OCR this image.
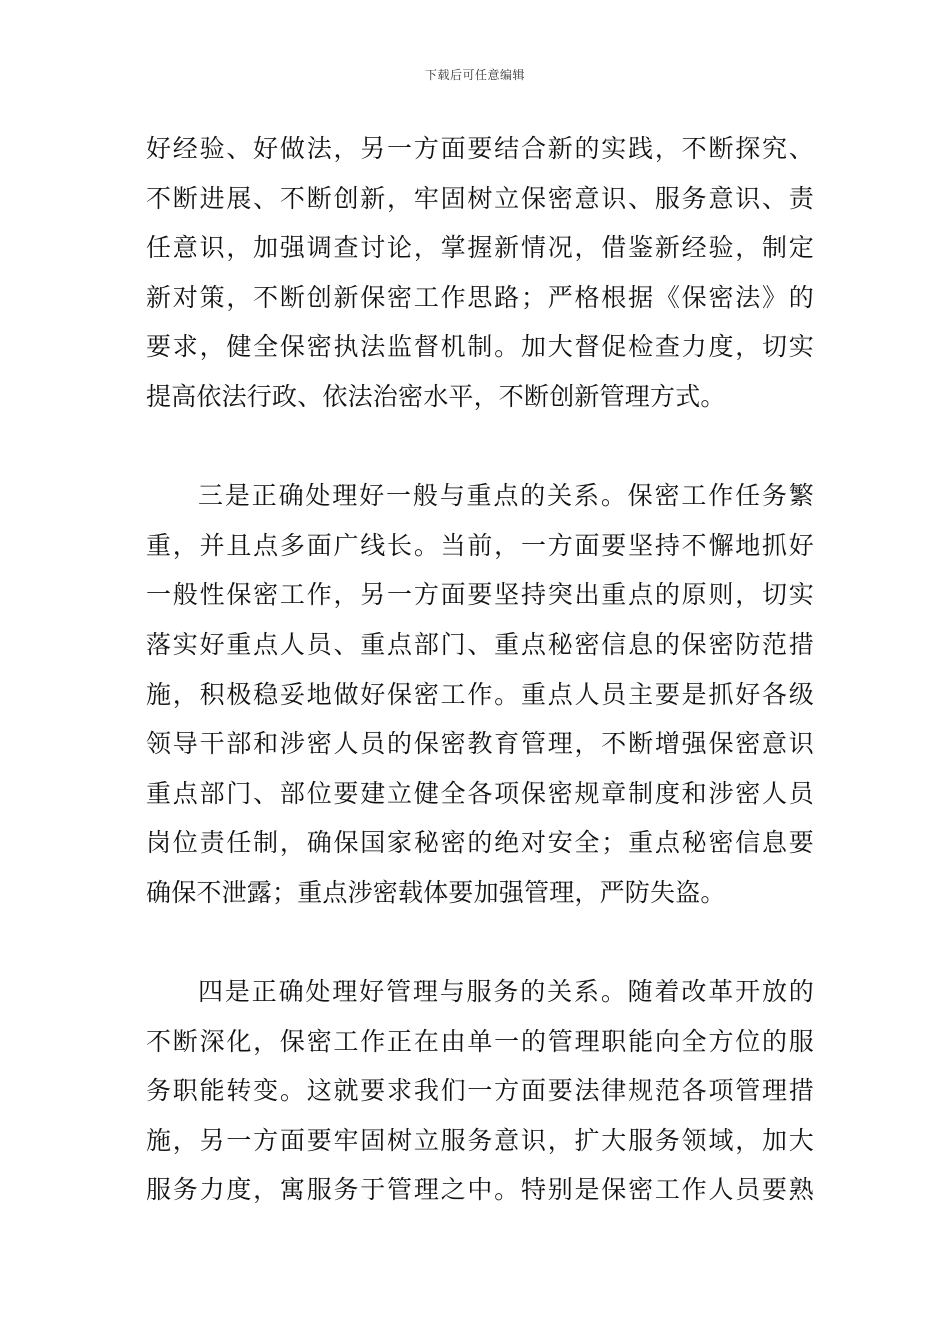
下载后可任意编辑
好经验、好做法，另一方面要结合新的实践，不断探究、
不断进展、不断创新，牢固树立保密意识、服务意识、责
任意识，加强调查讨论，掌握新情况，借鉴新经验，制定
新对策，不断创新保密工作思路；严格根据《保密法》的
要求，健全保密执法监督机制。加大督促检查力度，切实
提高依法行政、依法治密水平，不断创新管理方式。
三是正确处理好一般与重点的关系。保密工作任务繁
重，并且点多面广线长。当前，一方面要坚持不懈地抓好
一般性保密工作，另一方面要坚持突出重点的原则，切实
落实好重点人员、重点部门、重点秘密信息的保密防范措
施，积极稳妥地做好保密工作。重点人员主要是抓好各级
领导干部和涉密人员的保密教育管理，不断增强保密意识
重点部门、部位要建立健全各项保密规章制度和涉密人员
岗位责任制，确保国家秘密的绝对安全；重点秘密信息要
确保不泄露；重点涉密载体要加强管理，严防失盗。
四是正确处理好管理与服务的关系。随着改革开放的
不断深化，保密工作正在由单一的管理职能向全方位的服
务职能转变。这就要求我们一方面要法律规范各项管理措
施，另一方面要牢固树立服务意识，扩大服务领域，加大
服务力度，寓服务于管理之中。特别是保密工作人员要熟
